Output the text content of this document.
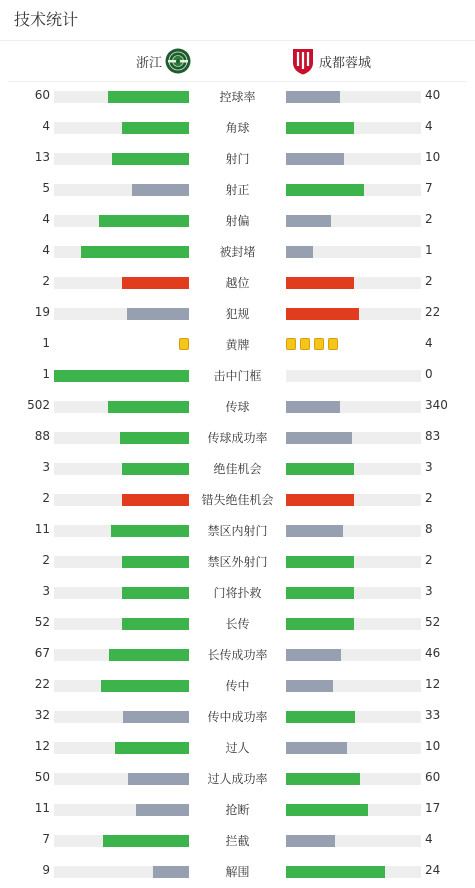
技术统计
浙江	成都蓉城
60	控球率	40
4	角球	4
13	射门	10
5	射正	7
4	射偏	2
4	被封堵	1
2	越位	2
19	犯规	22
1	黄牌	4
1	击中门框	0
502	传球	340
88	传球成功率	83
3	绝佳机会	3
2	错失绝佳机会	2
11	禁区内射门	8
2	禁区外射门	2
3	门将扑救	3
52	长传	52
67	长传成功率	46
22	传中	12
32	传中成功率	33
12	过人	10
50	过人成功率	60
11	抢断	17
7	拦截	4
9	解围	24
